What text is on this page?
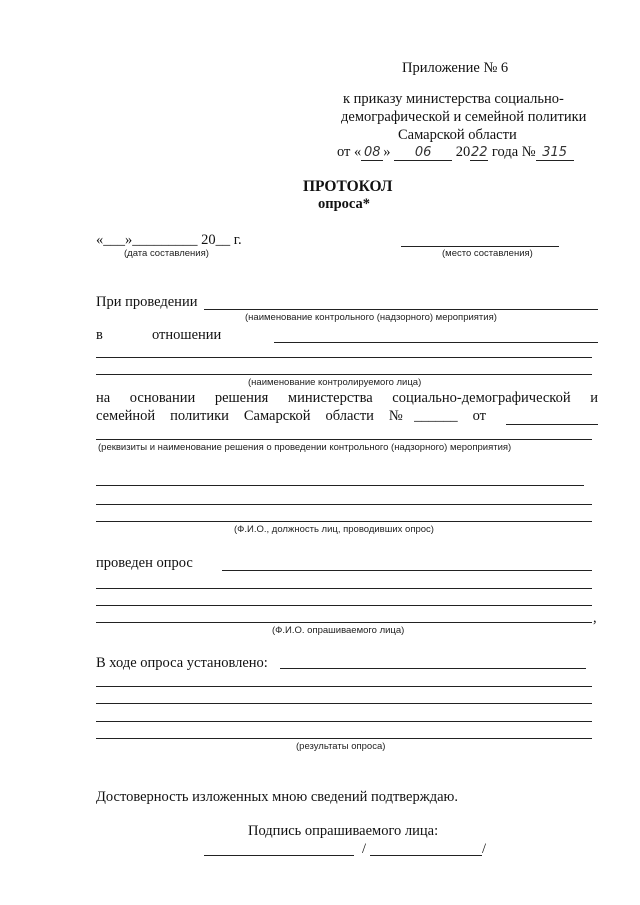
Приложение № 6
к приказу министерства социально-
демографической и семейной политики
Самарской области
от « 08 » 06 2022 года № 315
ПРОТОКОЛ
опроса*
«___»_________ 20__ г.
(дата составления)	(место составления)
При проведении
(наименование контрольного (надзорного) мероприятия)
в	отношении
(наименование контролируемого лица)
на основании решения министерства социально-демографической и
семейной политики Самарской области №______ от
(реквизиты и наименование решения о проведении контрольного (надзорного) мероприятия)
(Ф.И.О., должность лиц, проводивших опрос)
проведен опрос
,
(Ф.И.О. опрашиваемого лица)
В ходе опроса установлено:
(результаты опроса)
Достоверность изложенных мною сведений подтверждаю.
Подпись опрашиваемого лица:
/	/
